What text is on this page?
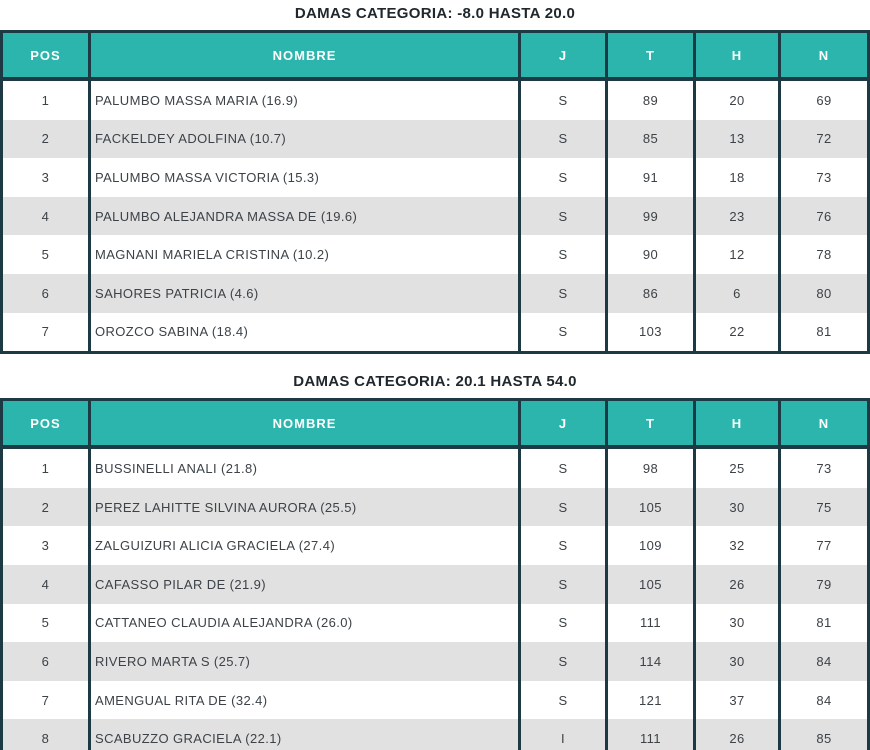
DAMAS CATEGORIA: -8.0 HASTA 20.0
POS	NOMBRE	J	T	H	N
1	PALUMBO MASSA MARIA (16.9)	S	89	20	69
2	FACKELDEY ADOLFINA (10.7)	S	85	13	72
3	PALUMBO MASSA VICTORIA (15.3)	S	91	18	73
4	PALUMBO ALEJANDRA MASSA DE (19.6)	S	99	23	76
5	MAGNANI MARIELA CRISTINA (10.2)	S	90	12	78
6	SAHORES PATRICIA (4.6)	S	86	6	80
7	OROZCO SABINA (18.4)	S	103	22	81
DAMAS CATEGORIA: 20.1 HASTA 54.0
POS	NOMBRE	J	T	H	N
1	BUSSINELLI ANALI (21.8)	S	98	25	73
2	PEREZ LAHITTE SILVINA AURORA (25.5)	S	105	30	75
3	ZALGUIZURI ALICIA GRACIELA (27.4)	S	109	32	77
4	CAFASSO PILAR DE (21.9)	S	105	26	79
5	CATTANEO CLAUDIA ALEJANDRA (26.0)	S	111	30	81
6	RIVERO MARTA S (25.7)	S	114	30	84
7	AMENGUAL RITA DE (32.4)	S	121	37	84
8	SCABUZZO GRACIELA (22.1)	I	111	26	85
